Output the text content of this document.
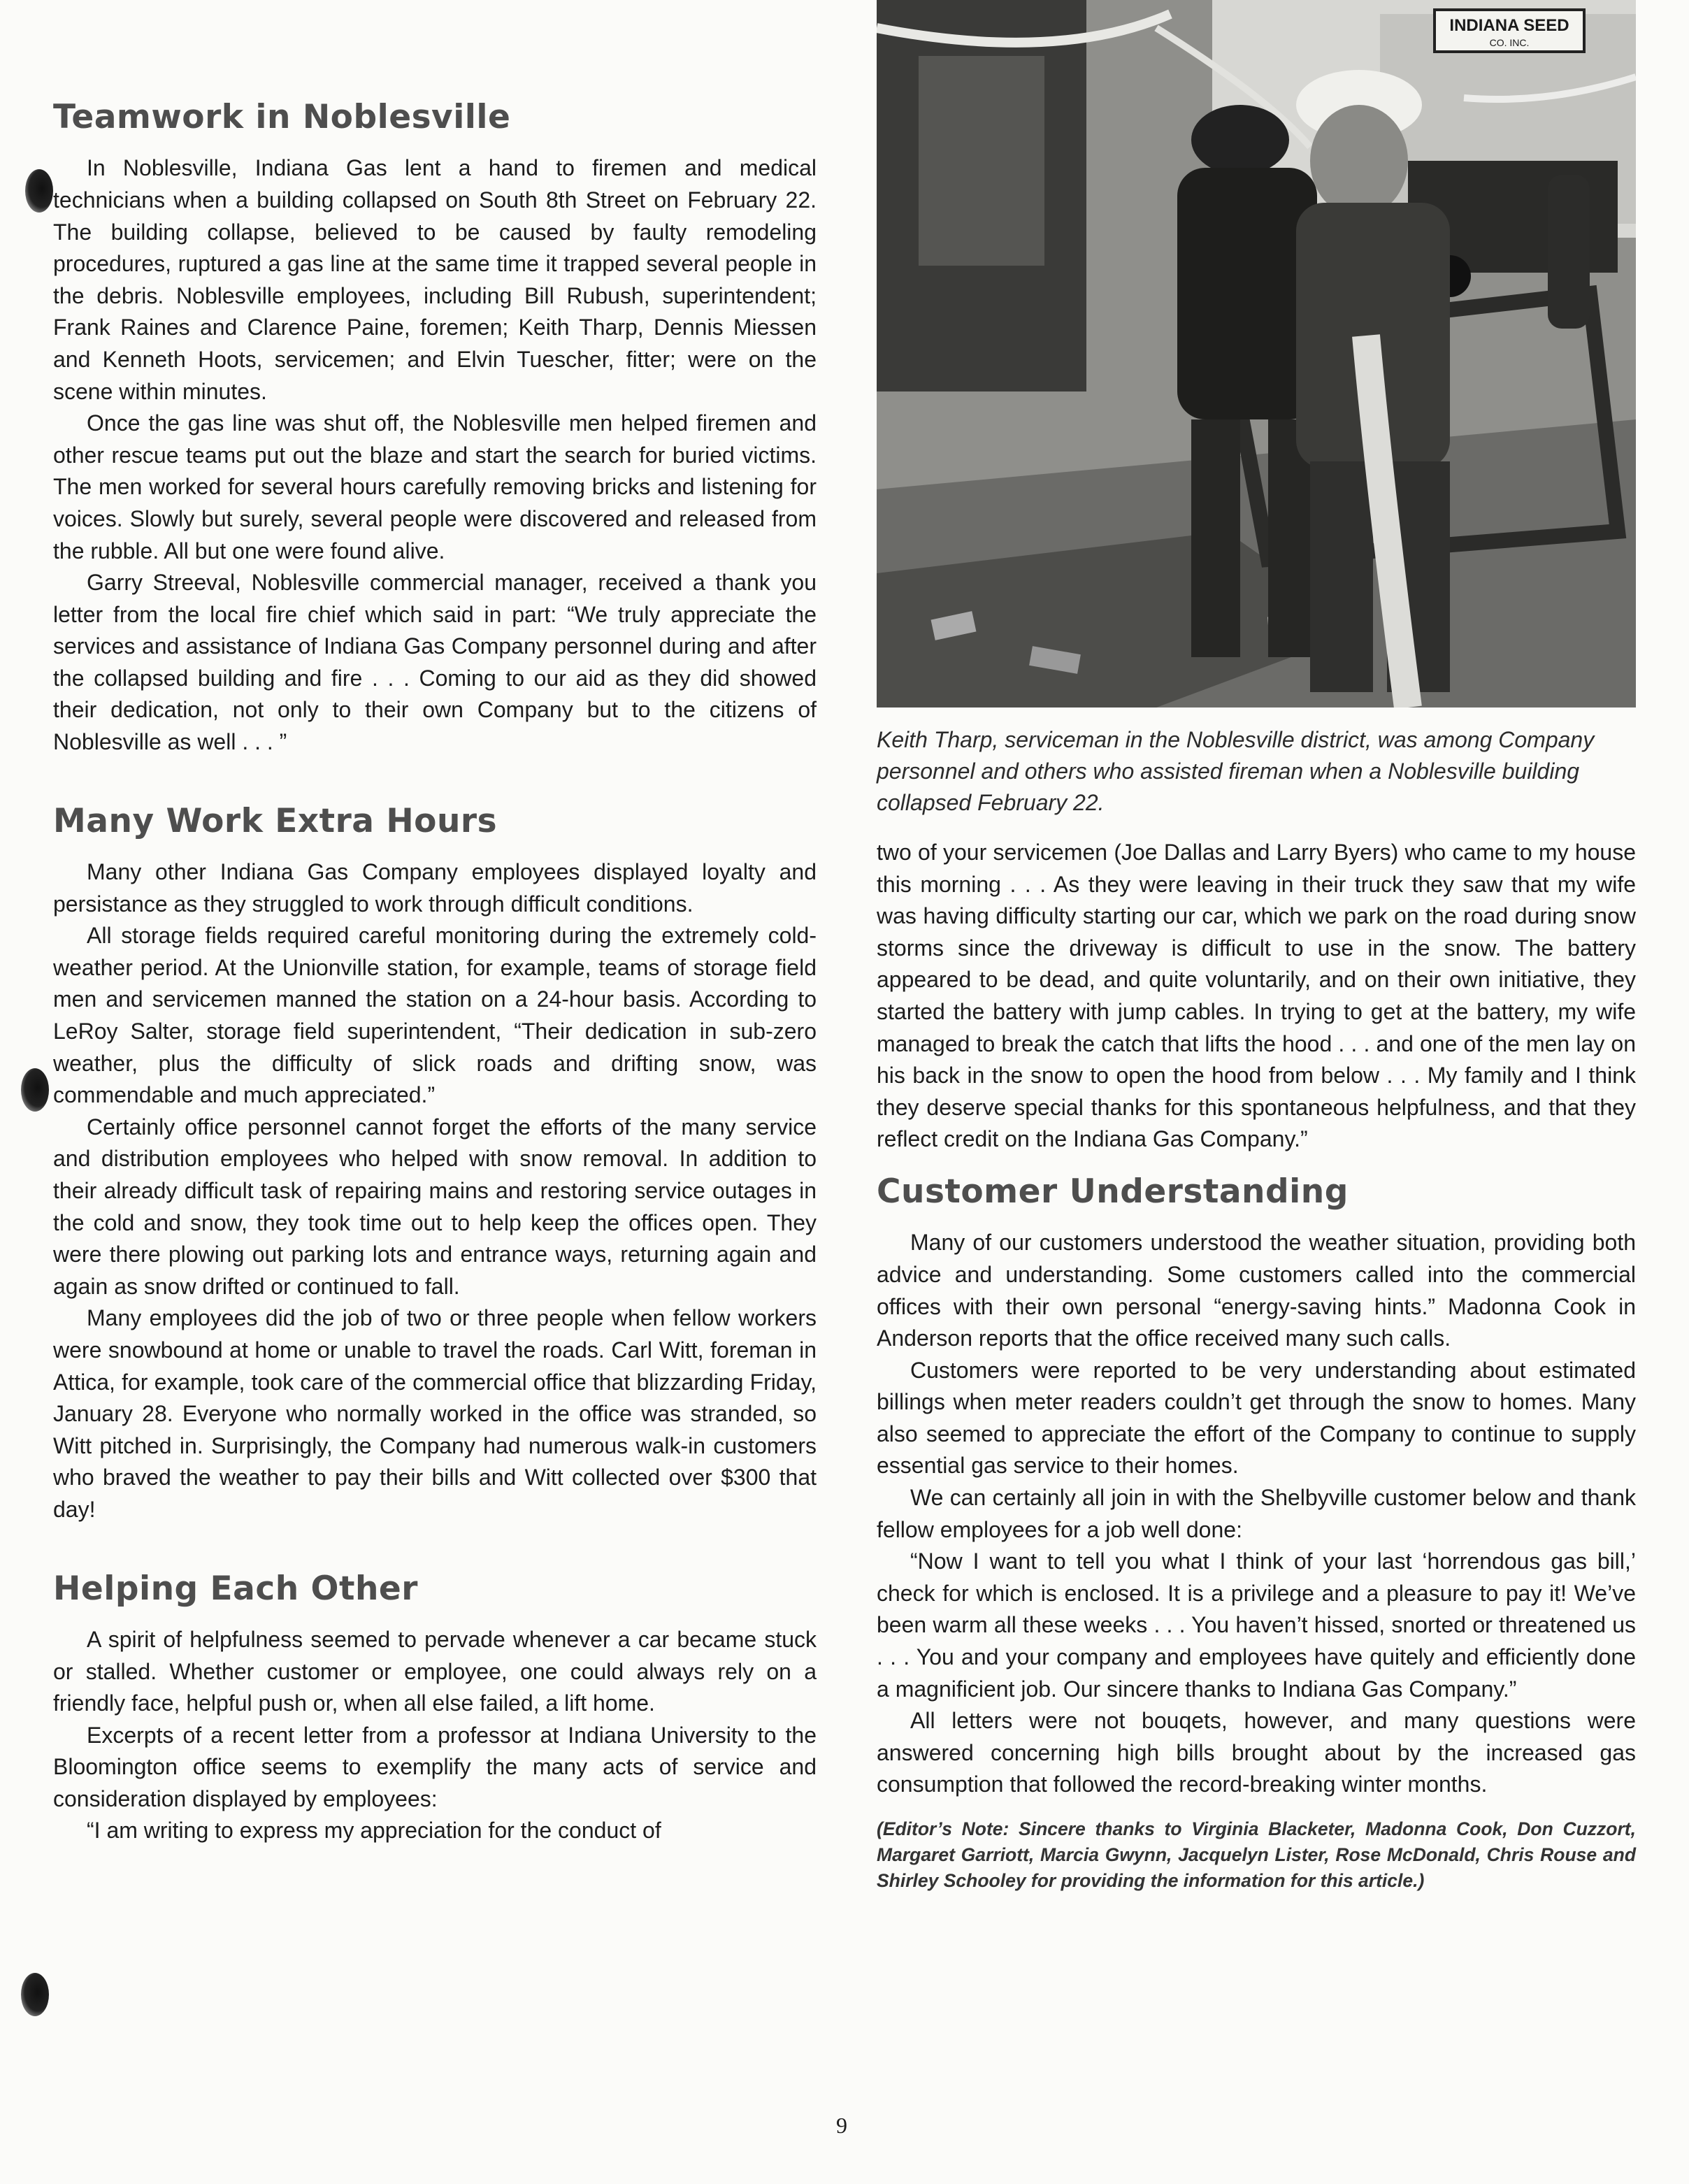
Teamwork in Noblesville

In Noblesville, Indiana Gas lent a hand to firemen and medical technicians when a building collapsed on South 8th Street on February 22. The building collapse, believed to be caused by faulty remodeling procedures, ruptured a gas line at the same time it trapped several people in the debris. Noblesville employees, including Bill Rubush, superintendent; Frank Raines and Clarence Paine, foremen; Keith Tharp, Dennis Miessen and Kenneth Hoots, servicemen; and Elvin Tuescher, fitter; were on the scene within minutes.

Once the gas line was shut off, the Noblesville men helped firemen and other rescue teams put out the blaze and start the search for buried victims. The men worked for several hours carefully removing bricks and listening for voices. Slowly but surely, several people were discovered and released from the rubble. All but one were found alive.

Garry Streeval, Noblesville commercial manager, received a thank you letter from the local fire chief which said in part: “We truly appreciate the services and assistance of Indiana Gas Company personnel during and after the collapsed building and fire . . . Coming to our aid as they did showed their dedication, not only to their own Company but to the citizens of Noblesville as well . . . ”

Many Work Extra Hours

Many other Indiana Gas Company employees displayed loyalty and persistance as they struggled to work through difficult conditions.

All storage fields required careful monitoring during the extremely cold-weather period. At the Unionville station, for example, teams of storage field men and servicemen manned the station on a 24-hour basis. According to LeRoy Salter, storage field superintendent, “Their dedication in sub-zero weather, plus the difficulty of slick roads and drifting snow, was commendable and much appreciated.”

Certainly office personnel cannot forget the efforts of the many service and distribution employees who helped with snow removal. In addition to their already difficult task of repairing mains and restoring service outages in the cold and snow, they took time out to help keep the offices open. They were there plowing out parking lots and entrance ways, returning again and again as snow drifted or continued to fall.

Many employees did the job of two or three people when fellow workers were snowbound at home or unable to travel the roads. Carl Witt, foreman in Attica, for example, took care of the commercial office that blizzarding Friday, January 28. Everyone who normally worked in the office was stranded, so Witt pitched in. Surprisingly, the Company had numerous walk-in customers who braved the weather to pay their bills and Witt collected over $300 that day!

Helping Each Other

A spirit of helpfulness seemed to pervade whenever a car became stuck or stalled. Whether customer or employee, one could always rely on a friendly face, helpful push or, when all else failed, a lift home.

Excerpts of a recent letter from a professor at Indiana University to the Bloomington office seems to exemplify the many acts of service and consideration displayed by employees:

“I am writing to express my appreciation for the conduct of

INDIANA SEED
CO. INC.
Keith Tharp, serviceman in the Noblesville district, was among Company personnel and others who assisted fireman when a Noblesville building collapsed February 22.

two of your servicemen (Joe Dallas and Larry Byers) who came to my house this morning . . . As they were leaving in their truck they saw that my wife was having difficulty starting our car, which we park on the road during snow storms since the driveway is difficult to use in the snow. The battery appeared to be dead, and quite voluntarily, and on their own initiative, they started the battery with jump cables. In trying to get at the battery, my wife managed to break the catch that lifts the hood . . . and one of the men lay on his back in the snow to open the hood from below . . . My family and I think they deserve special thanks for this spontaneous helpfulness, and that they reflect credit on the Indiana Gas Company.”

Customer Understanding

Many of our customers understood the weather situation, providing both advice and understanding. Some customers called into the commercial offices with their own personal “energy-saving hints.” Madonna Cook in Anderson reports that the office received many such calls.

Customers were reported to be very understanding about estimated billings when meter readers couldn’t get through the snow to homes. Many also seemed to appreciate the effort of the Company to continue to supply essential gas service to their homes.

We can certainly all join in with the Shelbyville customer below and thank fellow employees for a job well done:

“Now I want to tell you what I think of your last ‘horrendous gas bill,’ check for which is enclosed. It is a privilege and a pleasure to pay it! We’ve been warm all these weeks . . . You haven’t hissed, snorted or threatened us . . . You and your company and employees have quitely and efficiently done a magnificient job. Our sincere thanks to Indiana Gas Company.”

All letters were not bouqets, however, and many questions were answered concerning high bills brought about by the increased gas consumption that followed the record-breaking winter months.

(Editor’s Note: Sincere thanks to Virginia Blacketer, Madonna Cook, Don Cuzzort, Margaret Garriott, Marcia Gwynn, Jacquelyn Lister, Rose McDonald, Chris Rouse and Shirley Schooley for providing the information for this article.)
9
